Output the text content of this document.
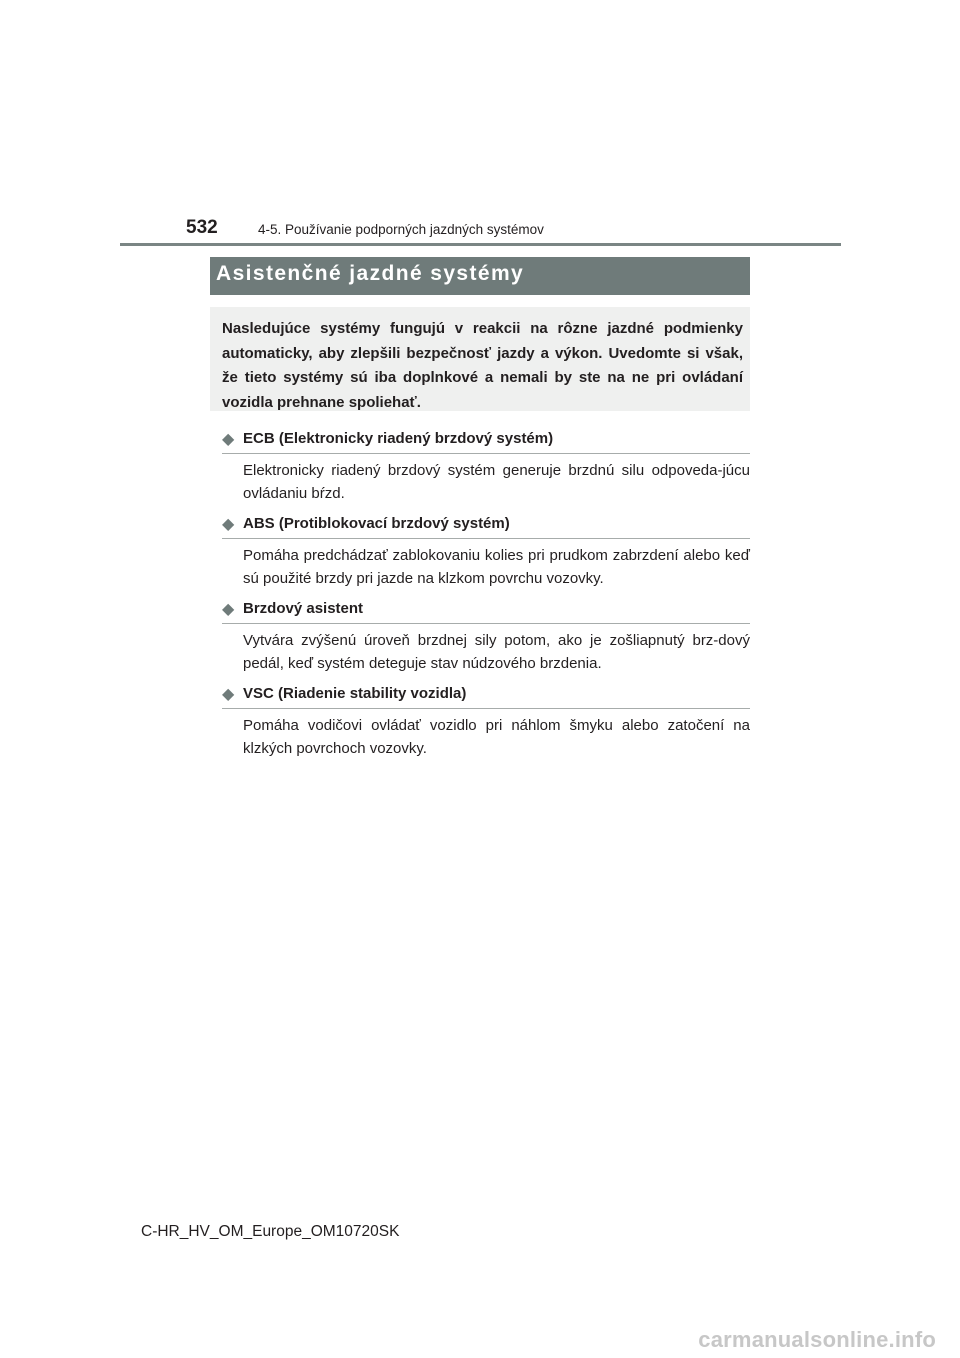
532	4-5. Používanie podporných jazdných systémov
Asistenčné jazdné systémy
Nasledujúce systémy fungujú v reakcii na rôzne jazdné podmienky automaticky, aby zlepšili bezpečnosť jazdy a výkon. Uvedomte si však, že tieto systémy sú iba doplnkové a nemali by ste na ne pri ovládaní vozidla prehnane spoliehať.
◆ ECB (Elektronicky riadený brzdový systém)
Elektronicky riadený brzdový systém generuje brzdnú silu odpoveda-júcu ovládaniu bŕzd.
◆ ABS (Protiblokovací brzdový systém)
Pomáha predchádzať zablokovaniu kolies pri prudkom zabrzdení alebo keď sú použité brzdy pri jazde na klzkom povrchu vozovky.
◆ Brzdový asistent
Vytvára zvýšenú úroveň brzdnej sily potom, ako je zošliapnutý brz-dový pedál, keď systém deteguje stav núdzového brzdenia.
◆ VSC (Riadenie stability vozidla)
Pomáha vodičovi ovládať vozidlo pri náhlom šmyku alebo zatočení na klzkých povrchoch vozovky.
C-HR_HV_OM_Europe_OM10720SK
carmanualsonline.info
